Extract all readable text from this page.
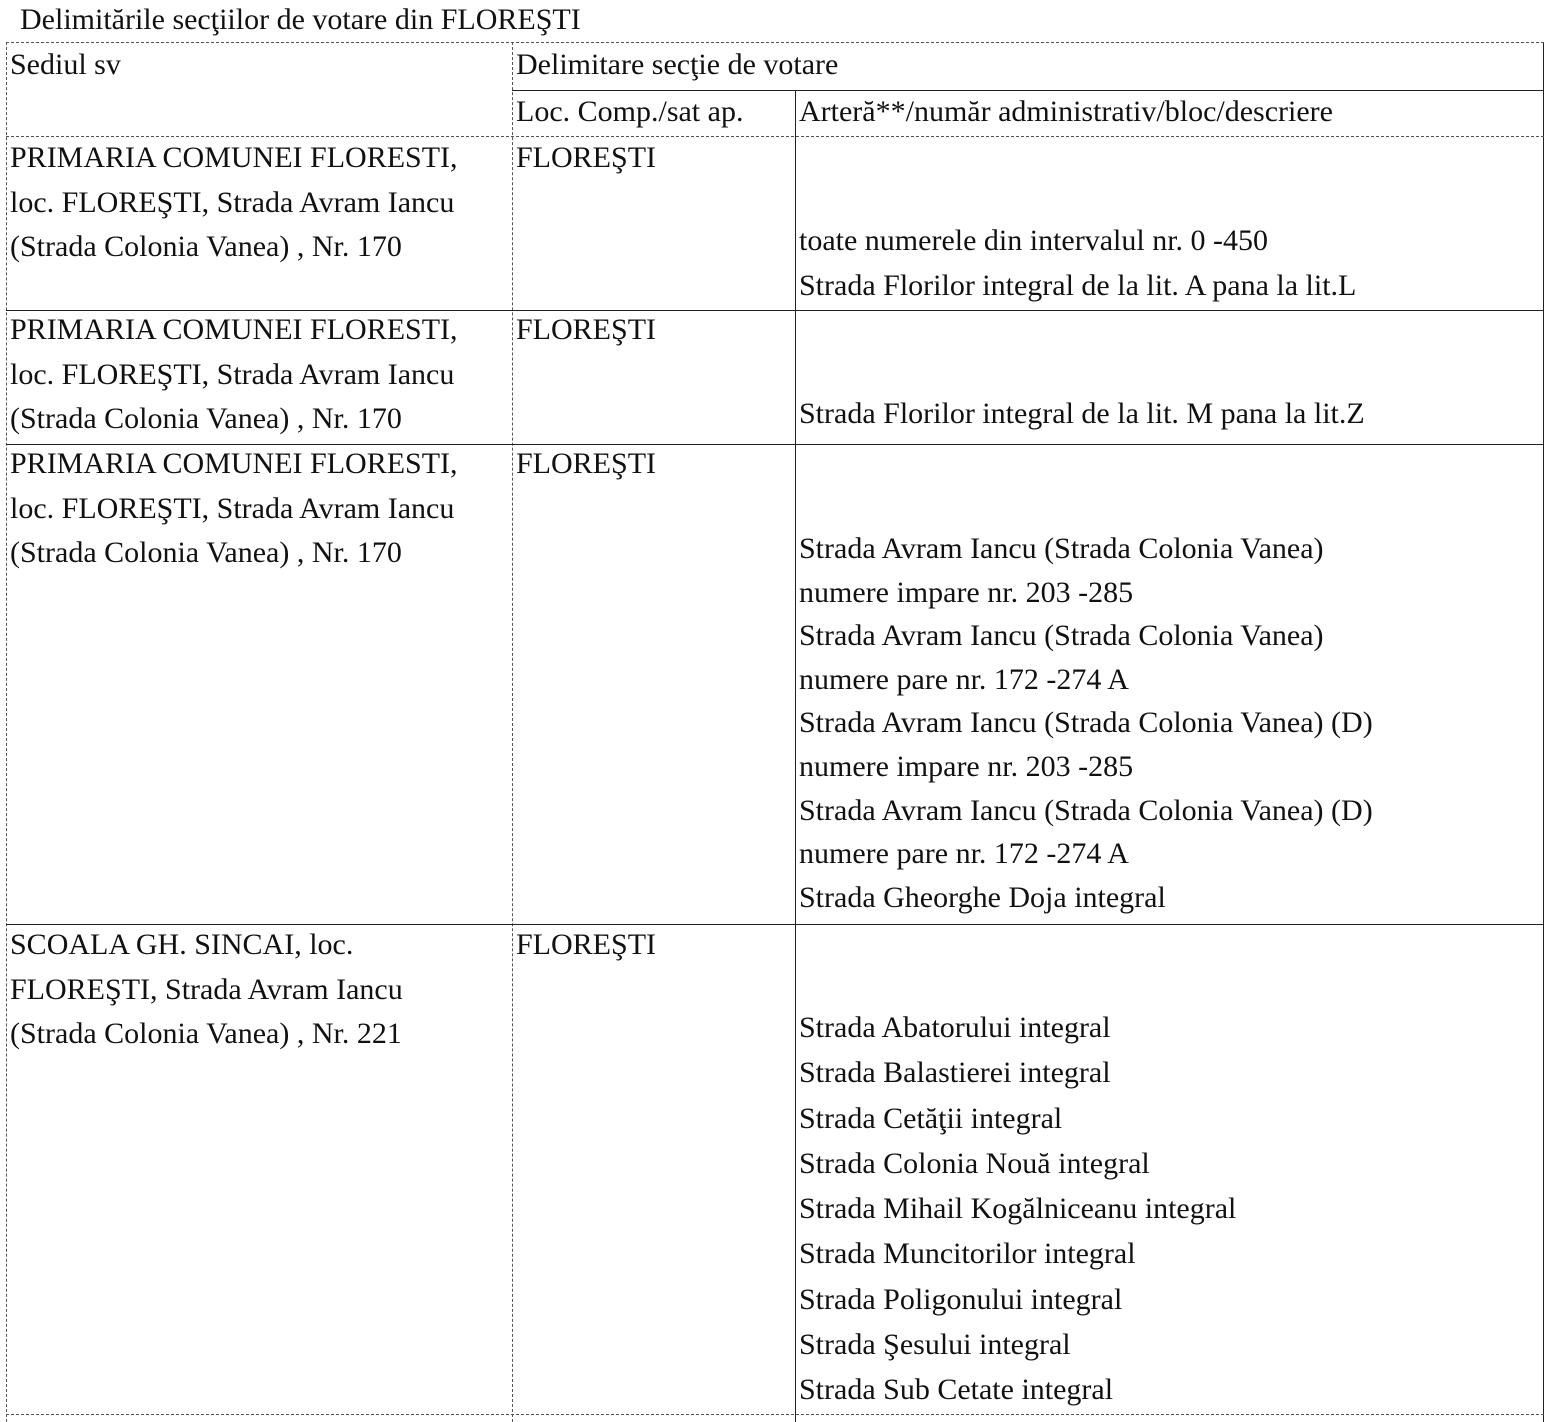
Delimitările secţiilor de votare din FLOREŞTI
Sediul sv	Delimitare secţie de votare
Loc. Comp./sat ap. Arteră**/număr administrativ/bloc/descriere
PRIMARIA COMUNEI FLORESTI,
loc. FLOREŞTI, Strada Avram Iancu
(Strada Colonia Vanea) , Nr. 170
FLOREŞTI
toate numerele din intervalul nr. 0 -450
Strada Florilor integral de la lit. A pana la lit.L
PRIMARIA COMUNEI FLORESTI,
loc. FLOREŞTI, Strada Avram Iancu
(Strada Colonia Vanea) , Nr. 170
FLOREŞTI
Strada Florilor integral de la lit. M pana la lit.Z
PRIMARIA COMUNEI FLORESTI,
loc. FLOREŞTI, Strada Avram Iancu
(Strada Colonia Vanea) , Nr. 170
FLOREŞTI
Strada Avram Iancu (Strada Colonia Vanea)
numere impare nr. 203 -285
Strada Avram Iancu (Strada Colonia Vanea)
numere pare nr. 172 -274 A
Strada Avram Iancu (Strada Colonia Vanea) (D)
numere impare nr. 203 -285
Strada Avram Iancu (Strada Colonia Vanea) (D)
numere pare nr. 172 -274 A
Strada Gheorghe Doja integral
SCOALA GH. SINCAI, loc.
FLOREŞTI, Strada Avram Iancu
(Strada Colonia Vanea) , Nr. 221
FLOREŞTI
Strada Abatorului integral
Strada Balastierei integral
Strada Cetăţii integral
Strada Colonia Nouă integral
Strada Mihail Kogălniceanu integral
Strada Muncitorilor integral
Strada Poligonului integral
Strada Şesului integral
Strada Sub Cetate integral
